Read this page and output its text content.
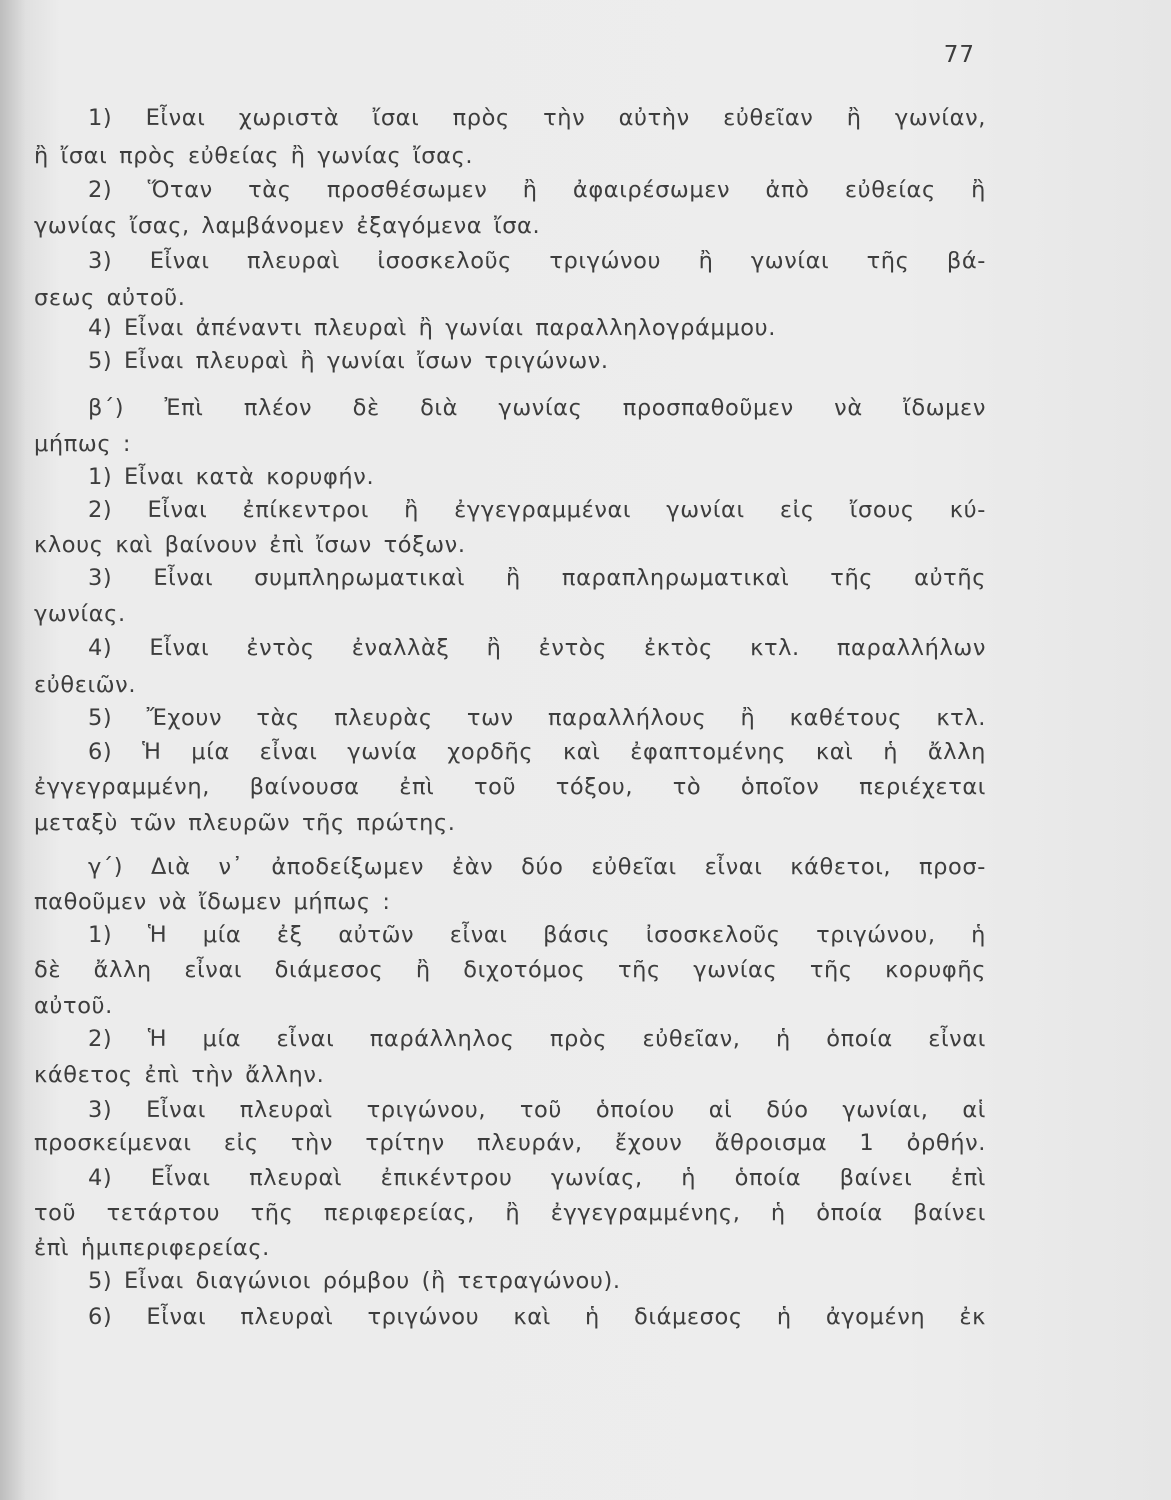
77
1) Εἶναι χωριστὰ ἴσαι πρὸς τὴν αὐτὴν εὐθεῖαν ἢ γωνίαν,
ἢ ἴσαι πρὸς εὐθείας ἢ γωνίας ἴσας.
2) Ὅταν τὰς προσθέσωμεν ἢ ἀφαιρέσωμεν ἀπὸ εὐθείας ἢ
γωνίας ἴσας, λαμβάνομεν ἐξαγόμενα ἴσα.
3) Εἶναι πλευραὶ ἰσοσκελοῦς τριγώνου ἢ γωνίαι τῆς βά-
σεως αὐτοῦ.
4) Εἶναι ἀπέναντι πλευραὶ ἢ γωνίαι παραλληλογράμμου.
5) Εἶναι πλευραὶ ἢ γωνίαι ἴσων τριγώνων.
β΄) Ἐπὶ πλέον δὲ διὰ γωνίας προσπαθοῦμεν νὰ ἴδωμεν
μήπως :
1) Εἶναι κατὰ κορυφήν.
2) Εἶναι ἐπίκεντροι ἢ ἐγγεγραμμέναι γωνίαι εἰς ἴσους κύ-
κλους καὶ βαίνουν ἐπὶ ἴσων τόξων.
3) Εἶναι συμπληρωματικαὶ ἢ παραπληρωματικαὶ τῆς αὐτῆς
γωνίας.
4) Εἶναι ἐντὸς ἐναλλὰξ ἢ ἐντὸς ἐκτὸς κτλ. παραλλήλων
εὐθειῶν.
5) Ἔχουν τὰς πλευρὰς των παραλλήλους ἢ καθέτους κτλ.
6) Ἡ μία εἶναι γωνία χορδῆς καὶ ἐφαπτομένης καὶ ἡ ἄλλη
ἐγγεγραμμένη, βαίνουσα ἐπὶ τοῦ τόξου, τὸ ὁποῖον περιέχεται
μεταξὺ τῶν πλευρῶν τῆς πρώτης.
γ΄) Διὰ ν᾽ ἀποδείξωμεν ἐὰν δύο εὐθεῖαι εἶναι κάθετοι, προσ-
παθοῦμεν νὰ ἴδωμεν μήπως :
1) Ἡ μία ἐξ αὐτῶν εἶναι βάσις ἰσοσκελοῦς τριγώνου, ἡ
δὲ ἄλλη εἶναι διάμεσος ἢ διχοτόμος τῆς γωνίας τῆς κορυφῆς
αὐτοῦ.
2) Ἡ μία εἶναι παράλληλος πρὸς εὐθεῖαν, ἡ ὁποία εἶναι
κάθετος ἐπὶ τὴν ἄλλην.
3) Εἶναι πλευραὶ τριγώνου, τοῦ ὁποίου αἱ δύο γωνίαι, αἱ
προσκείμεναι εἰς τὴν τρίτην πλευράν, ἔχουν ἄθροισμα 1 ὀρθήν.
4) Εἶναι πλευραὶ ἐπικέντρου γωνίας, ἡ ὁποία βαίνει ἐπὶ
τοῦ τετάρτου τῆς περιφερείας, ἢ ἐγγεγραμμένης, ἡ ὁποία βαίνει
ἐπὶ ἡμιπεριφερείας.
5) Εἶναι διαγώνιοι ρόμβου (ἢ τετραγώνου).
6) Εἶναι πλευραὶ τριγώνου καὶ ἡ διάμεσος ἡ ἀγομένη ἐκ
